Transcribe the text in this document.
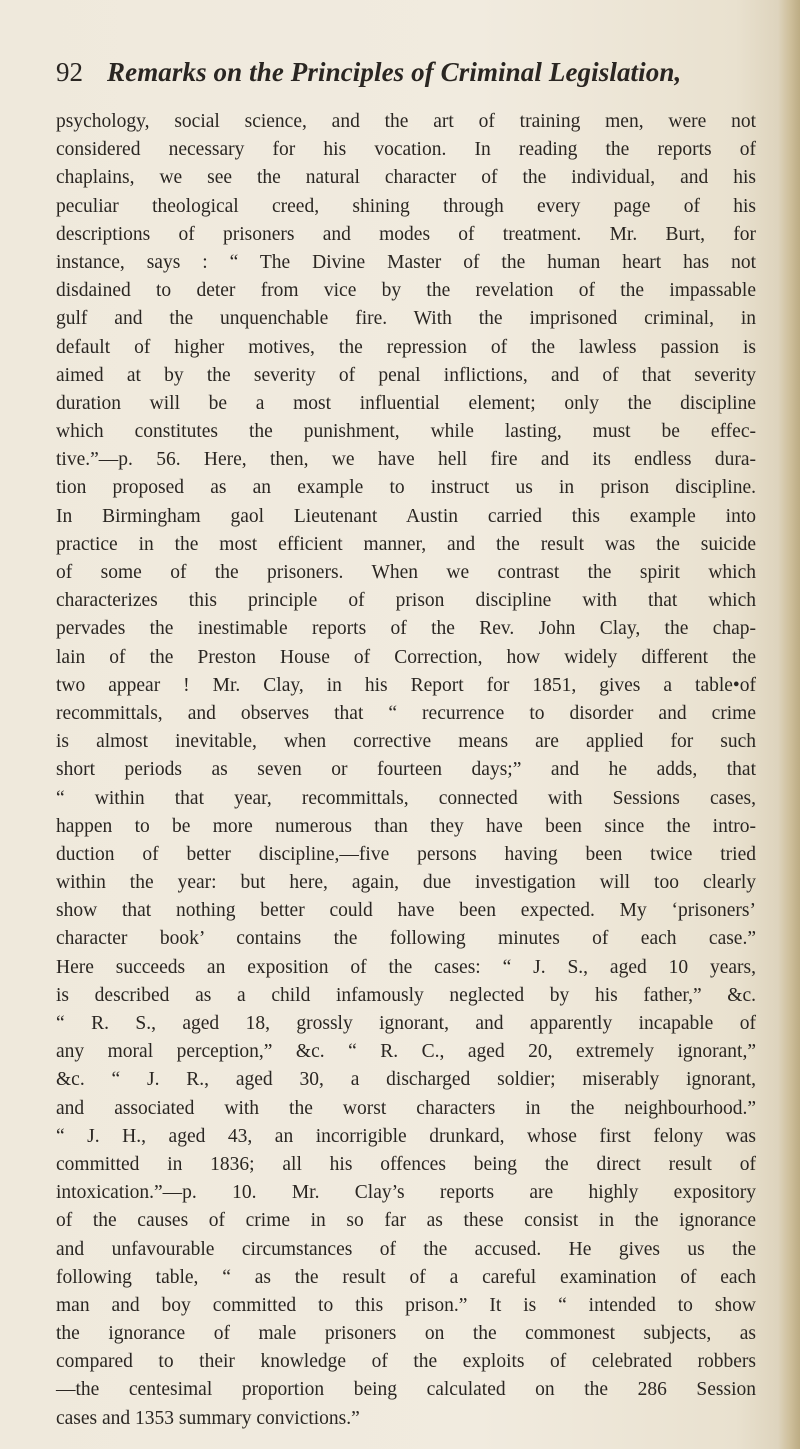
92 Remarks on the Principles of Criminal Legislation,
psychology, social science, and the art of training men, were not
considered necessary for his vocation. In reading the reports of
chaplains, we see the natural character of the individual, and his
peculiar theological creed, shining through every page of his
descriptions of prisoners and modes of treatment. Mr. Burt, for
instance, says : “ The Divine Master of the human heart has not
disdained to deter from vice by the revelation of the impassable
gulf and the unquenchable fire. With the imprisoned criminal, in
default of higher motives, the repression of the lawless passion is
aimed at by the severity of penal inflictions, and of that severity
duration will be a most influential element; only the discipline
which constitutes the punishment, while lasting, must be effec-
tive.”—p. 56. Here, then, we have hell fire and its endless dura-
tion proposed as an example to instruct us in prison discipline.
In Birmingham gaol Lieutenant Austin carried this example into
practice in the most efficient manner, and the result was the suicide
of some of the prisoners. When we contrast the spirit which
characterizes this principle of prison discipline with that which
pervades the inestimable reports of the Rev. John Clay, the chap-
lain of the Preston House of Correction, how widely different the
two appear ! Mr. Clay, in his Report for 1851, gives a table•of
recommittals, and observes that “ recurrence to disorder and crime
is almost inevitable, when corrective means are applied for such
short periods as seven or fourteen days;” and he adds, that
“ within that year, recommittals, connected with Sessions cases,
happen to be more numerous than they have been since the intro-
duction of better discipline,—five persons having been twice tried
within the year: but here, again, due investigation will too clearly
show that nothing better could have been expected. My ‘prisoners’
character book’ contains the following minutes of each case.”
Here succeeds an exposition of the cases: “ J. S., aged 10 years,
is described as a child infamously neglected by his father,” &c.
“ R. S., aged 18, grossly ignorant, and apparently incapable of
any moral perception,” &c. “ R. C., aged 20, extremely ignorant,”
&c. “ J. R., aged 30, a discharged soldier; miserably ignorant,
and associated with the worst characters in the neighbourhood.”
“ J. H., aged 43, an incorrigible drunkard, whose first felony was
committed in 1836; all his offences being the direct result of
intoxication.”—p. 10. Mr. Clay’s reports are highly expository
of the causes of crime in so far as these consist in the ignorance
and unfavourable circumstances of the accused. He gives us the
following table, “ as the result of a careful examination of each
man and boy committed to this prison.” It is “ intended to show
the ignorance of male prisoners on the commonest subjects, as
compared to their knowledge of the exploits of celebrated robbers
—the centesimal proportion being calculated on the 286 Session
cases and 1353 summary convictions.”
